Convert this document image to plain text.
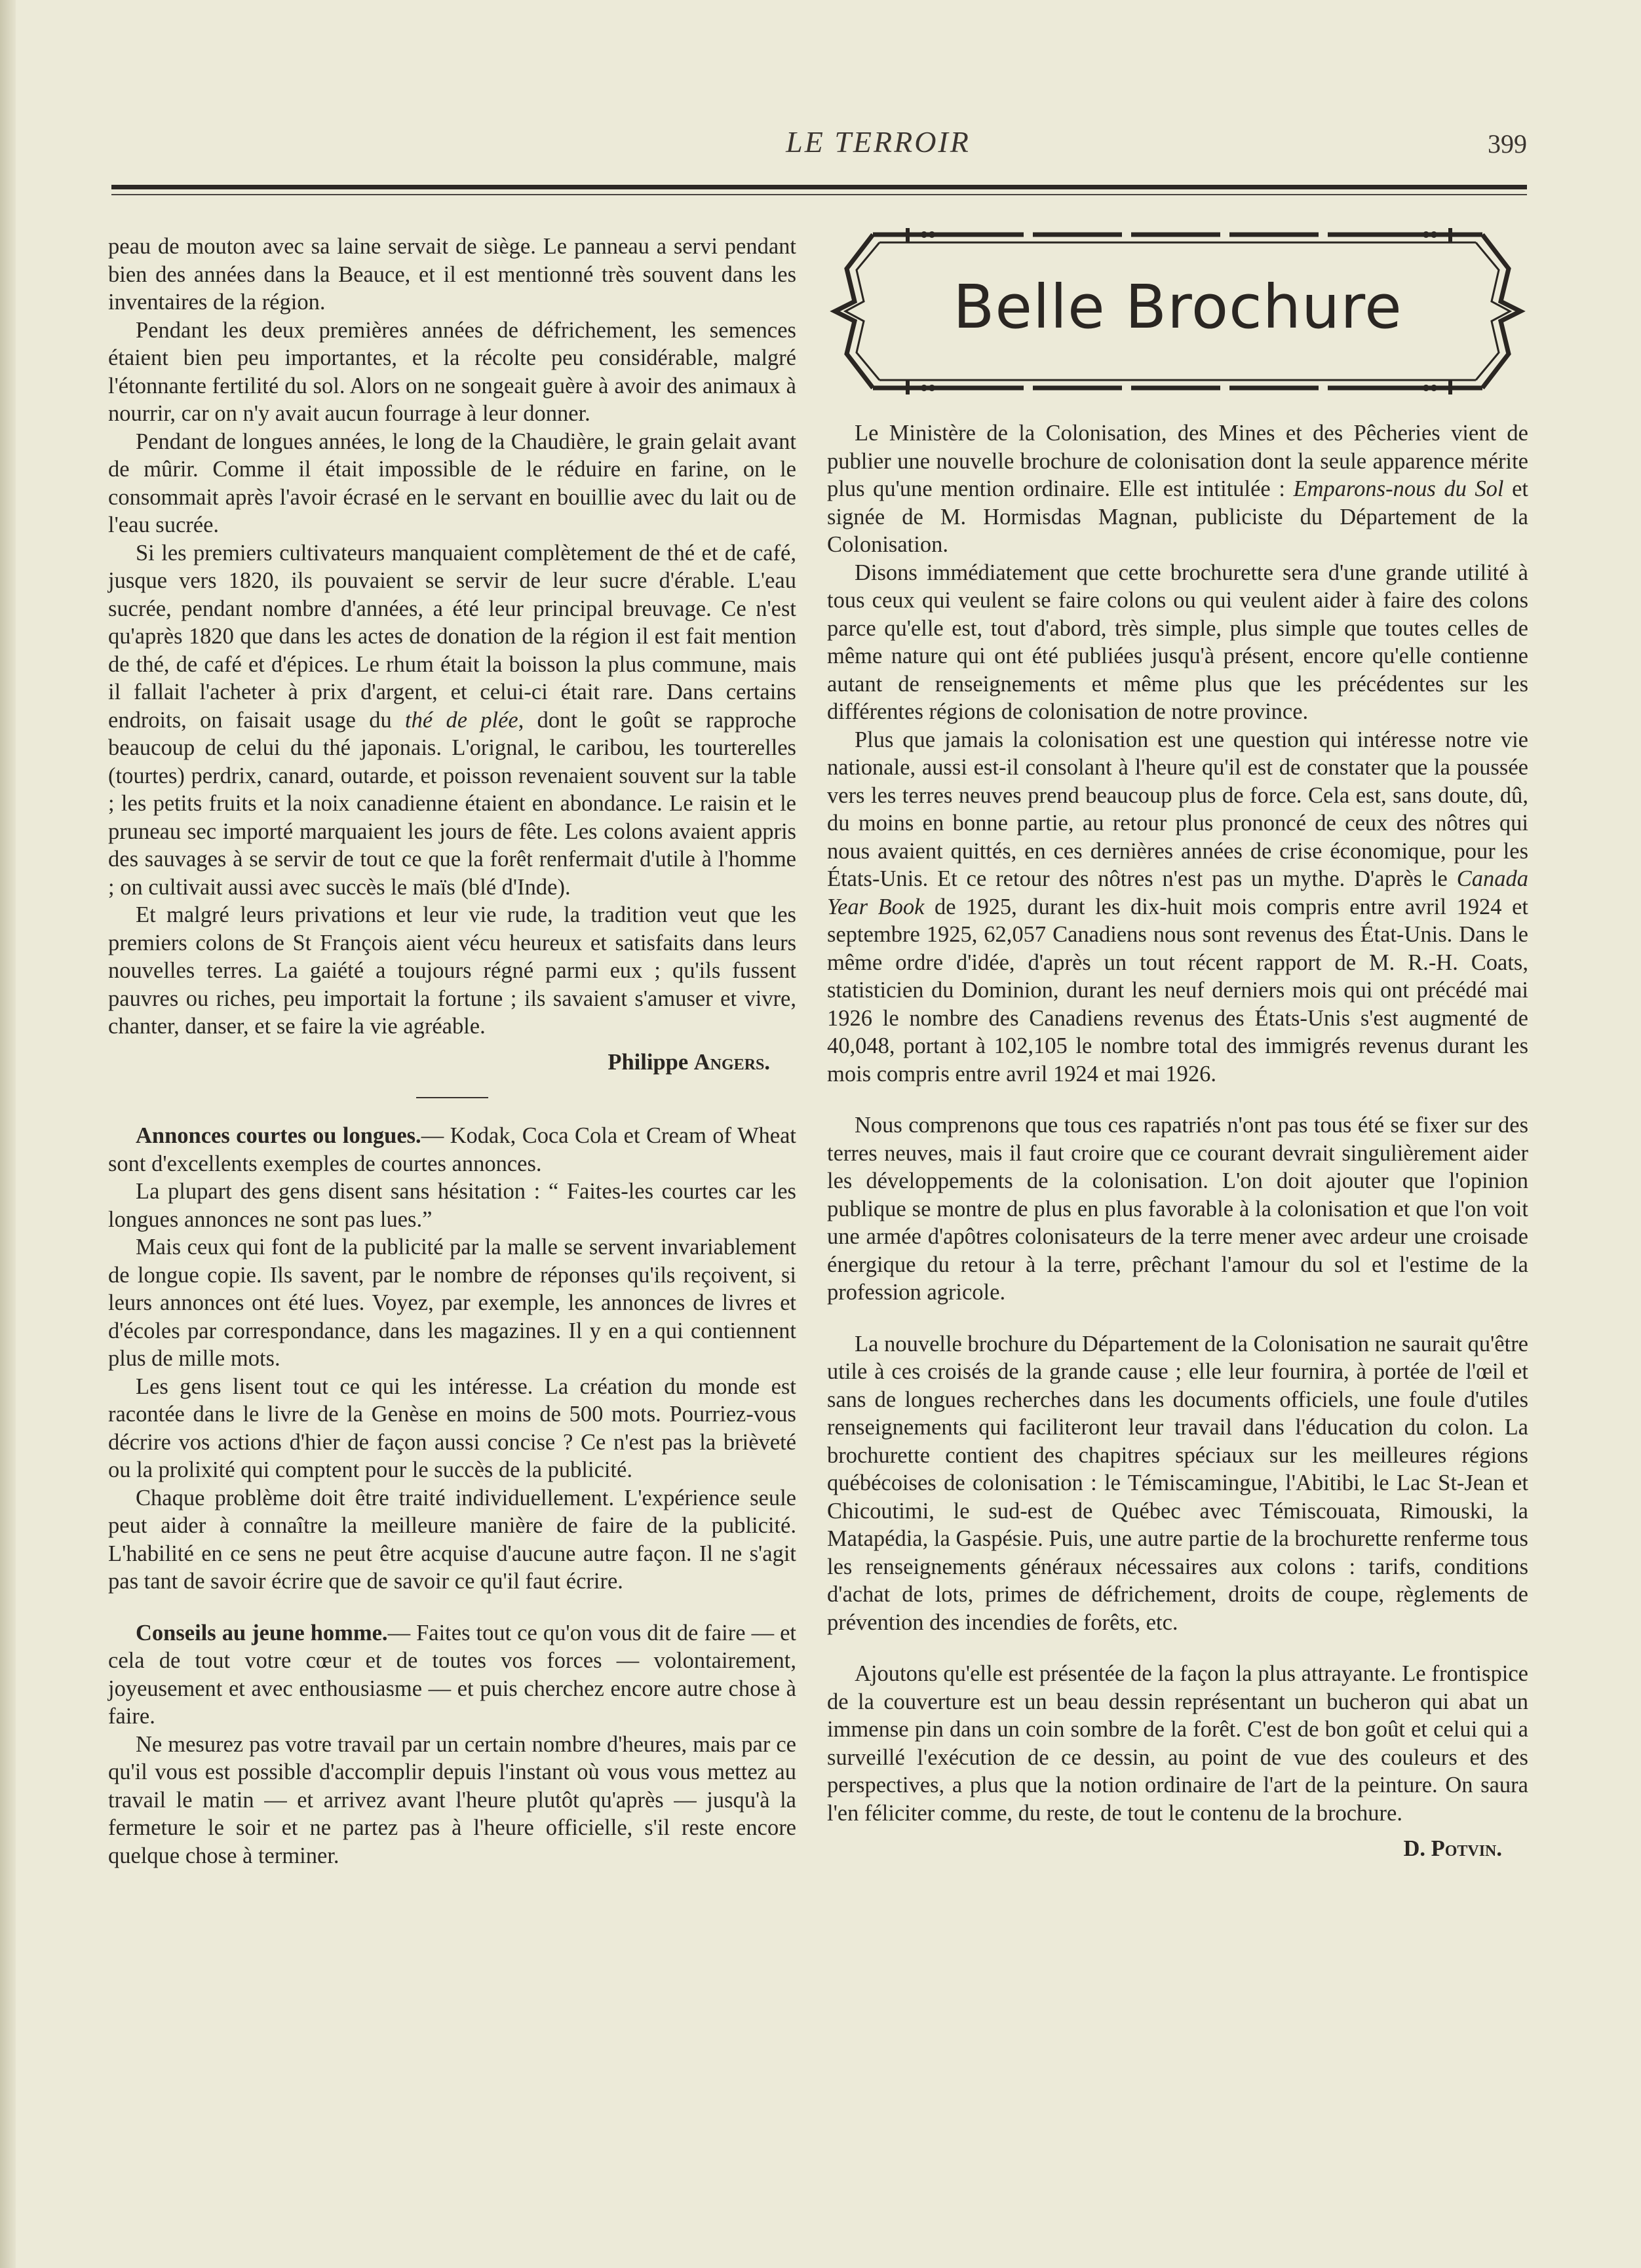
LE TERROIR	399

peau de mouton avec sa laine servait de siège. Le panneau a servi pendant bien des années dans la Beauce, et il est mentionné très souvent dans les inventaires de la région.

Pendant les deux premières années de défrichement, les semences étaient bien peu importantes, et la récolte peu considérable, malgré l'étonnante fertilité du sol. Alors on ne songeait guère à avoir des animaux à nourrir, car on n'y avait aucun fourrage à leur donner.

Pendant de longues années, le long de la Chaudière, le grain gelait avant de mûrir. Comme il était impossible de le réduire en farine, on le consommait après l'avoir écrasé en le servant en bouillie avec du lait ou de l'eau sucrée.

Si les premiers cultivateurs manquaient complètement de thé et de café, jusque vers 1820, ils pouvaient se servir de leur sucre d'érable. L'eau sucrée, pendant nombre d'années, a été leur principal breuvage. Ce n'est qu'après 1820 que dans les actes de donation de la région il est fait mention de thé, de café et d'épices. Le rhum était la boisson la plus commune, mais il fallait l'acheter à prix d'argent, et celui-ci était rare. Dans certains endroits, on faisait usage du thé de plée, dont le goût se rapproche beaucoup de celui du thé japonais. L'orignal, le caribou, les tourterelles (tourtes) perdrix, canard, outarde, et poisson revenaient souvent sur la table ; les petits fruits et la noix canadienne étaient en abondance. Le raisin et le pruneau sec importé marquaient les jours de fête. Les colons avaient appris des sauvages à se servir de tout ce que la forêt renfermait d'utile à l'homme ; on cultivait aussi avec succès le maïs (blé d'Inde).

Et malgré leurs privations et leur vie rude, la tradition veut que les premiers colons de St François aient vécu heureux et satisfaits dans leurs nouvelles terres. La gaiété a toujours régné parmi eux ; qu'ils fussent pauvres ou riches, peu importait la fortune ; ils savaient s'amuser et vivre, chanter, danser, et se faire la vie agréable.

Philippe Angers.

Annonces courtes ou longues.— Kodak, Coca Cola et Cream of Wheat sont d'excellents exemples de courtes annonces.

La plupart des gens disent sans hésitation : “ Faites-les courtes car les longues annonces ne sont pas lues.”

Mais ceux qui font de la publicité par la malle se servent invariablement de longue copie. Ils savent, par le nombre de réponses qu'ils reçoivent, si leurs annonces ont été lues. Voyez, par exemple, les annonces de livres et d'écoles par correspondance, dans les magazines. Il y en a qui contiennent plus de mille mots.

Les gens lisent tout ce qui les intéresse. La création du monde est racontée dans le livre de la Genèse en moins de 500 mots. Pourriez-vous décrire vos actions d'hier de façon aussi concise ? Ce n'est pas la brièveté ou la prolixité qui comptent pour le succès de la publicité.

Chaque problème doit être traité individuellement. L'expérience seule peut aider à connaître la meilleure manière de faire de la publicité. L'habilité en ce sens ne peut être acquise d'aucune autre façon. Il ne s'agit pas tant de savoir écrire que de savoir ce qu'il faut écrire.

Conseils au jeune homme.— Faites tout ce qu'on vous dit de faire — et cela de tout votre cœur et de toutes vos forces — volontairement, joyeusement et avec enthousiasme — et puis cherchez encore autre chose à faire.

Ne mesurez pas votre travail par un certain nombre d'heures, mais par ce qu'il vous est possible d'accomplir depuis l'instant où vous vous mettez au travail le matin — et arrivez avant l'heure plutôt qu'après — jusqu'à la fermeture le soir et ne partez pas à l'heure officielle, s'il reste encore quelque chose à terminer.

Belle Brochure

Le Ministère de la Colonisation, des Mines et des Pêcheries vient de publier une nouvelle brochure de colonisation dont la seule apparence mérite plus qu'une mention ordinaire. Elle est intitulée : Emparons-nous du Sol et signée de M. Hormisdas Magnan, publiciste du Département de la Colonisation.

Disons immédiatement que cette brochurette sera d'une grande utilité à tous ceux qui veulent se faire colons ou qui veulent aider à faire des colons parce qu'elle est, tout d'abord, très simple, plus simple que toutes celles de même nature qui ont été publiées jusqu'à présent, encore qu'elle contienne autant de renseignements et même plus que les précédentes sur les différentes régions de colonisation de notre province.

Plus que jamais la colonisation est une question qui intéresse notre vie nationale, aussi est-il consolant à l'heure qu'il est de constater que la poussée vers les terres neuves prend beaucoup plus de force. Cela est, sans doute, dû, du moins en bonne partie, au retour plus prononcé de ceux des nôtres qui nous avaient quittés, en ces dernières années de crise économique, pour les États-Unis. Et ce retour des nôtres n'est pas un mythe. D'après le Canada Year Book de 1925, durant les dix-huit mois compris entre avril 1924 et septembre 1925, 62,057 Canadiens nous sont revenus des État-Unis. Dans le même ordre d'idée, d'après un tout récent rapport de M. R.-H. Coats, statisticien du Dominion, durant les neuf derniers mois qui ont précédé mai 1926 le nombre des Canadiens revenus des États-Unis s'est augmenté de 40,048, portant à 102,105 le nombre total des immigrés revenus durant les mois compris entre avril 1924 et mai 1926.

Nous comprenons que tous ces rapatriés n'ont pas tous été se fixer sur des terres neuves, mais il faut croire que ce courant devrait singulièrement aider les développements de la colonisation. L'on doit ajouter que l'opinion publique se montre de plus en plus favorable à la colonisation et que l'on voit une armée d'apôtres colonisateurs de la terre mener avec ardeur une croisade énergique du retour à la terre, prêchant l'amour du sol et l'estime de la profession agricole.

La nouvelle brochure du Département de la Colonisation ne saurait qu'être utile à ces croisés de la grande cause ; elle leur fournira, à portée de l'œil et sans de longues recherches dans les documents officiels, une foule d'utiles renseignements qui faciliteront leur travail dans l'éducation du colon. La brochurette contient des chapitres spéciaux sur les meilleures régions québécoises de colonisation : le Témiscamingue, l'Abitibi, le Lac St-Jean et Chicoutimi, le sud-est de Québec avec Témiscouata, Rimouski, la Matapédia, la Gaspésie. Puis, une autre partie de la brochurette renferme tous les renseignements généraux nécessaires aux colons : tarifs, conditions d'achat de lots, primes de défrichement, droits de coupe, règlements de prévention des incendies de forêts, etc.

Ajoutons qu'elle est présentée de la façon la plus attrayante. Le frontispice de la couverture est un beau dessin représentant un bucheron qui abat un immense pin dans un coin sombre de la forêt. C'est de bon goût et celui qui a surveillé l'exécution de ce dessin, au point de vue des couleurs et des perspectives, a plus que la notion ordinaire de l'art de la peinture. On saura l'en féliciter comme, du reste, de tout le contenu de la brochure.

D. Potvin.
